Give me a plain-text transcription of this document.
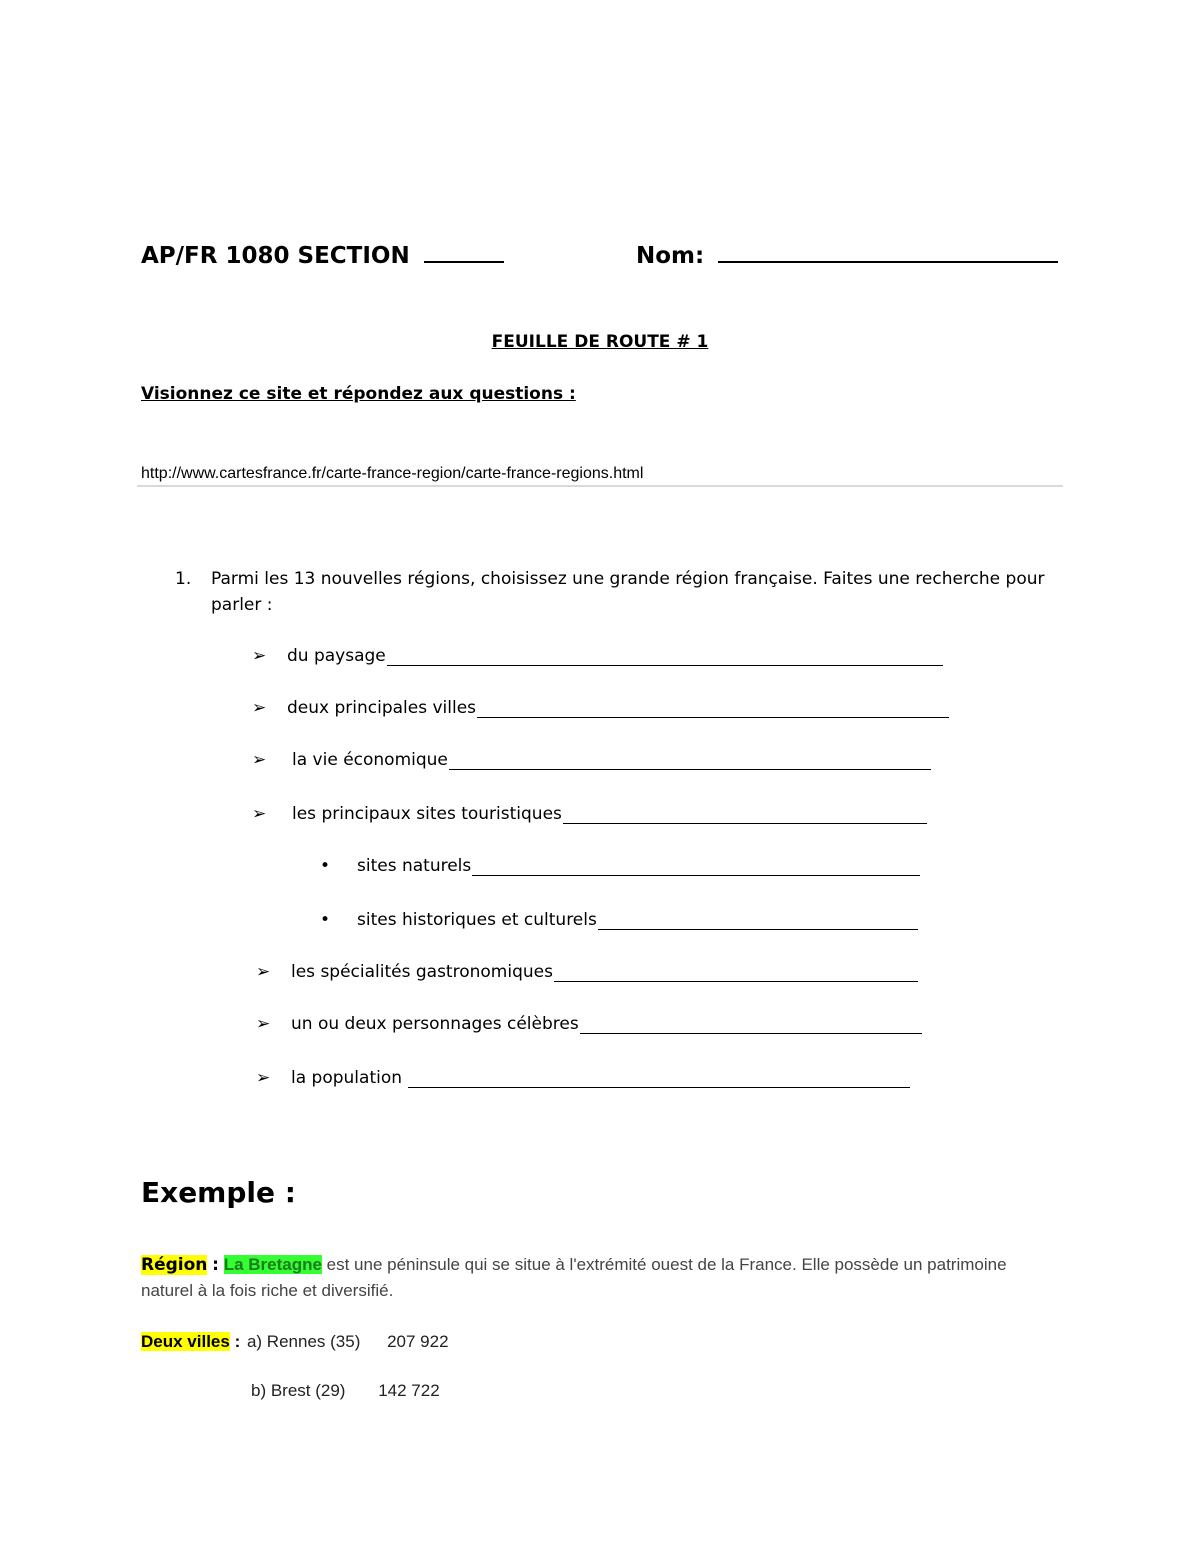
AP/FR 1080 SECTION	Nom:
FEUILLE DE ROUTE # 1
Visionnez ce site et répondez aux questions :
http://www.cartesfrance.fr/carte-france-region/carte-france-regions.html
1. Parmi les 13 nouvelles régions, choisissez une grande région française. Faites une recherche pour parler :
➢ du paysage
➢ deux principales villes
➢ la vie économique
➢ les principaux sites touristiques
• sites naturels
• sites historiques et culturels
➢ les spécialités gastronomiques
➢ un ou deux personnages célèbres
➢ la population
Exemple :
Région : La Bretagne est une péninsule qui se situe à l'extrémité ouest de la France. Elle possède un patrimoine naturel à la fois riche et diversifié.
Deux villes : a) Rennes (35) 207 922
b) Brest (29) 142 722
